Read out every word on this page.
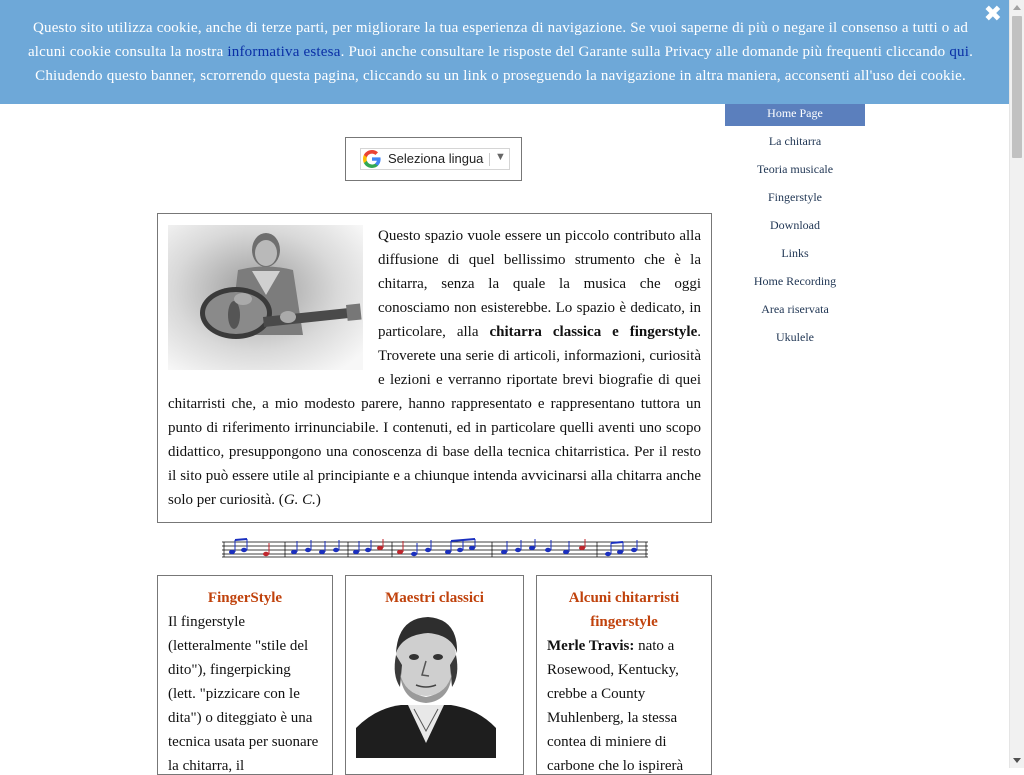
Questo sito utilizza cookie, anche di terze parti, per migliorare la tua esperienza di navigazione. Se vuoi saperne di più o negare il consenso a tutti o ad alcuni cookie consulta la nostra informativa estesa. Puoi anche consultare le risposte del Garante sulla Privacy alle domande più frequenti cliccando qui. Chiudendo questo banner, scrorrendo questa pagina, cliccando su un link o proseguendo la navigazione in altra maniera, acconsenti all'uso dei cookie.
✖
Home Page
La chitarra
Teoria musicale
Fingerstyle
Download
Links
Home Recording
Area riservata
Ukulele
Seleziona lingua ▼
Questo spazio vuole essere un piccolo contributo alla diffusione di quel bellissimo strumento che è la chitarra, senza la quale la musica che oggi conosciamo non esisterebbe. Lo spazio è dedicato, in particolare, alla chitarra classica e fingerstyle. Troverete una serie di articoli, informazioni, curiosità e lezioni e verranno riportate brevi biografie di quei chitarristi che, a mio modesto parere, hanno rappresentato e rappresentano tuttora un punto di riferimento irrinunciabile. I contenuti, ed in particolare quelli aventi uno scopo didattico, presuppongono una conoscenza di base della tecnica chitarristica. Per il resto il sito può essere utile al principiante e a chiunque intenda avvicinarsi alla chitarra anche solo per curiosità. (G. C.)
FingerStyle
Il fingerstyle (letteralmente "stile del dito"), fingerpicking (lett. "pizzicare con le dita") o diteggiato è una tecnica usata per suonare la chitarra, il
Maestri classici	Alcuni chitarristi fingerstyle
Merle Travis: nato a Rosewood, Kentucky, crebbe a County Muhlenberg, la stessa contea di miniere di carbone che lo ispirerà
